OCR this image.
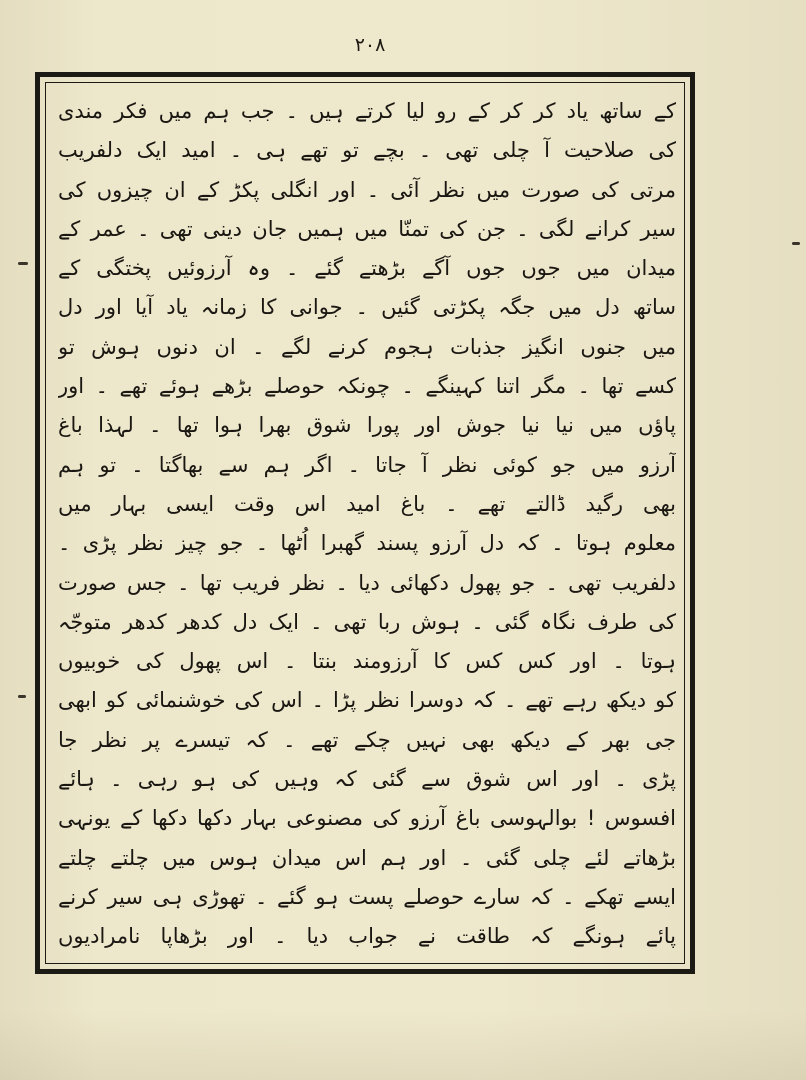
۲۰۸
کے ساتھ یاد کر کر کے رو لیا کرتے ہیں ۔ جب ہم میں فکر مندی
کی صلاحیت آ چلی تھی ۔ بچے تو تھے ہی ۔ امید ایک دلفریب
مرتی کی صورت میں نظر آئی ۔ اور انگلی پکڑ کے ان چیزوں کی
سیر کرانے لگی ۔ جن کی تمنّا میں ہمیں جان دینی تھی ۔ عمر کے
میدان میں جوں جوں آگے بڑھتے گئے ۔ وہ آرزوئیں پختگی کے
ساتھ دل میں جگہ پکڑتی گئیں ۔ جوانی کا زمانہ یاد آیا اور دل
میں جنوں انگیز جذبات ہجوم کرنے لگے ۔ ان دنوں ہوش تو
کسے تھا ۔ مگر اتنا کہینگے ۔ چونکہ حوصلے بڑھے ہوئے تھے ۔ اور
پاؤں میں نیا نیا جوش اور پورا شوق بھرا ہوا تھا ۔ لہذا باغ
آرزو میں جو کوئی نظر آ جاتا ۔ اگر ہم سے بھاگتا ۔ تو ہم
بھی رگید ڈالتے تھے ۔ باغ امید اس وقت ایسی بہار میں
معلوم ہوتا ۔ کہ دل آرزو پسند گھبرا اُٹھا ۔ جو چیز نظر پڑی ۔
دلفریب تھی ۔ جو پھول دکھائی دیا ۔ نظر فریب تھا ۔ جس صورت
کی طرف نگاہ گئی ۔ ہوش ربا تھی ۔ ایک دل کدھر کدھر متوجّہ
ہوتا ۔ اور کس کس کا آرزومند بنتا ۔ اس پھول کی خوبیوں
کو دیکھ رہے تھے ۔ کہ دوسرا نظر پڑا ۔ اس کی خوشنمائی کو ابھی
جی بھر کے دیکھ بھی نہیں چکے تھے ۔ کہ تیسرے پر نظر جا
پڑی ۔ اور اس شوق سے گئی کہ وہیں کی ہو رہی ۔ ہائے
افسوس ! بوالہوسی باغ آرزو کی مصنوعی بہار دکھا دکھا کے یونہی
بڑھاتے لئے چلی گئی ۔ اور ہم اس میدان ہوس میں چلتے چلتے
ایسے تھکے ۔ کہ سارے حوصلے پست ہو گئے ۔ تھوڑی ہی سیر کرنے
پائے ہونگے کہ طاقت نے جواب دیا ۔ اور بڑھاپا نامرادیوں
